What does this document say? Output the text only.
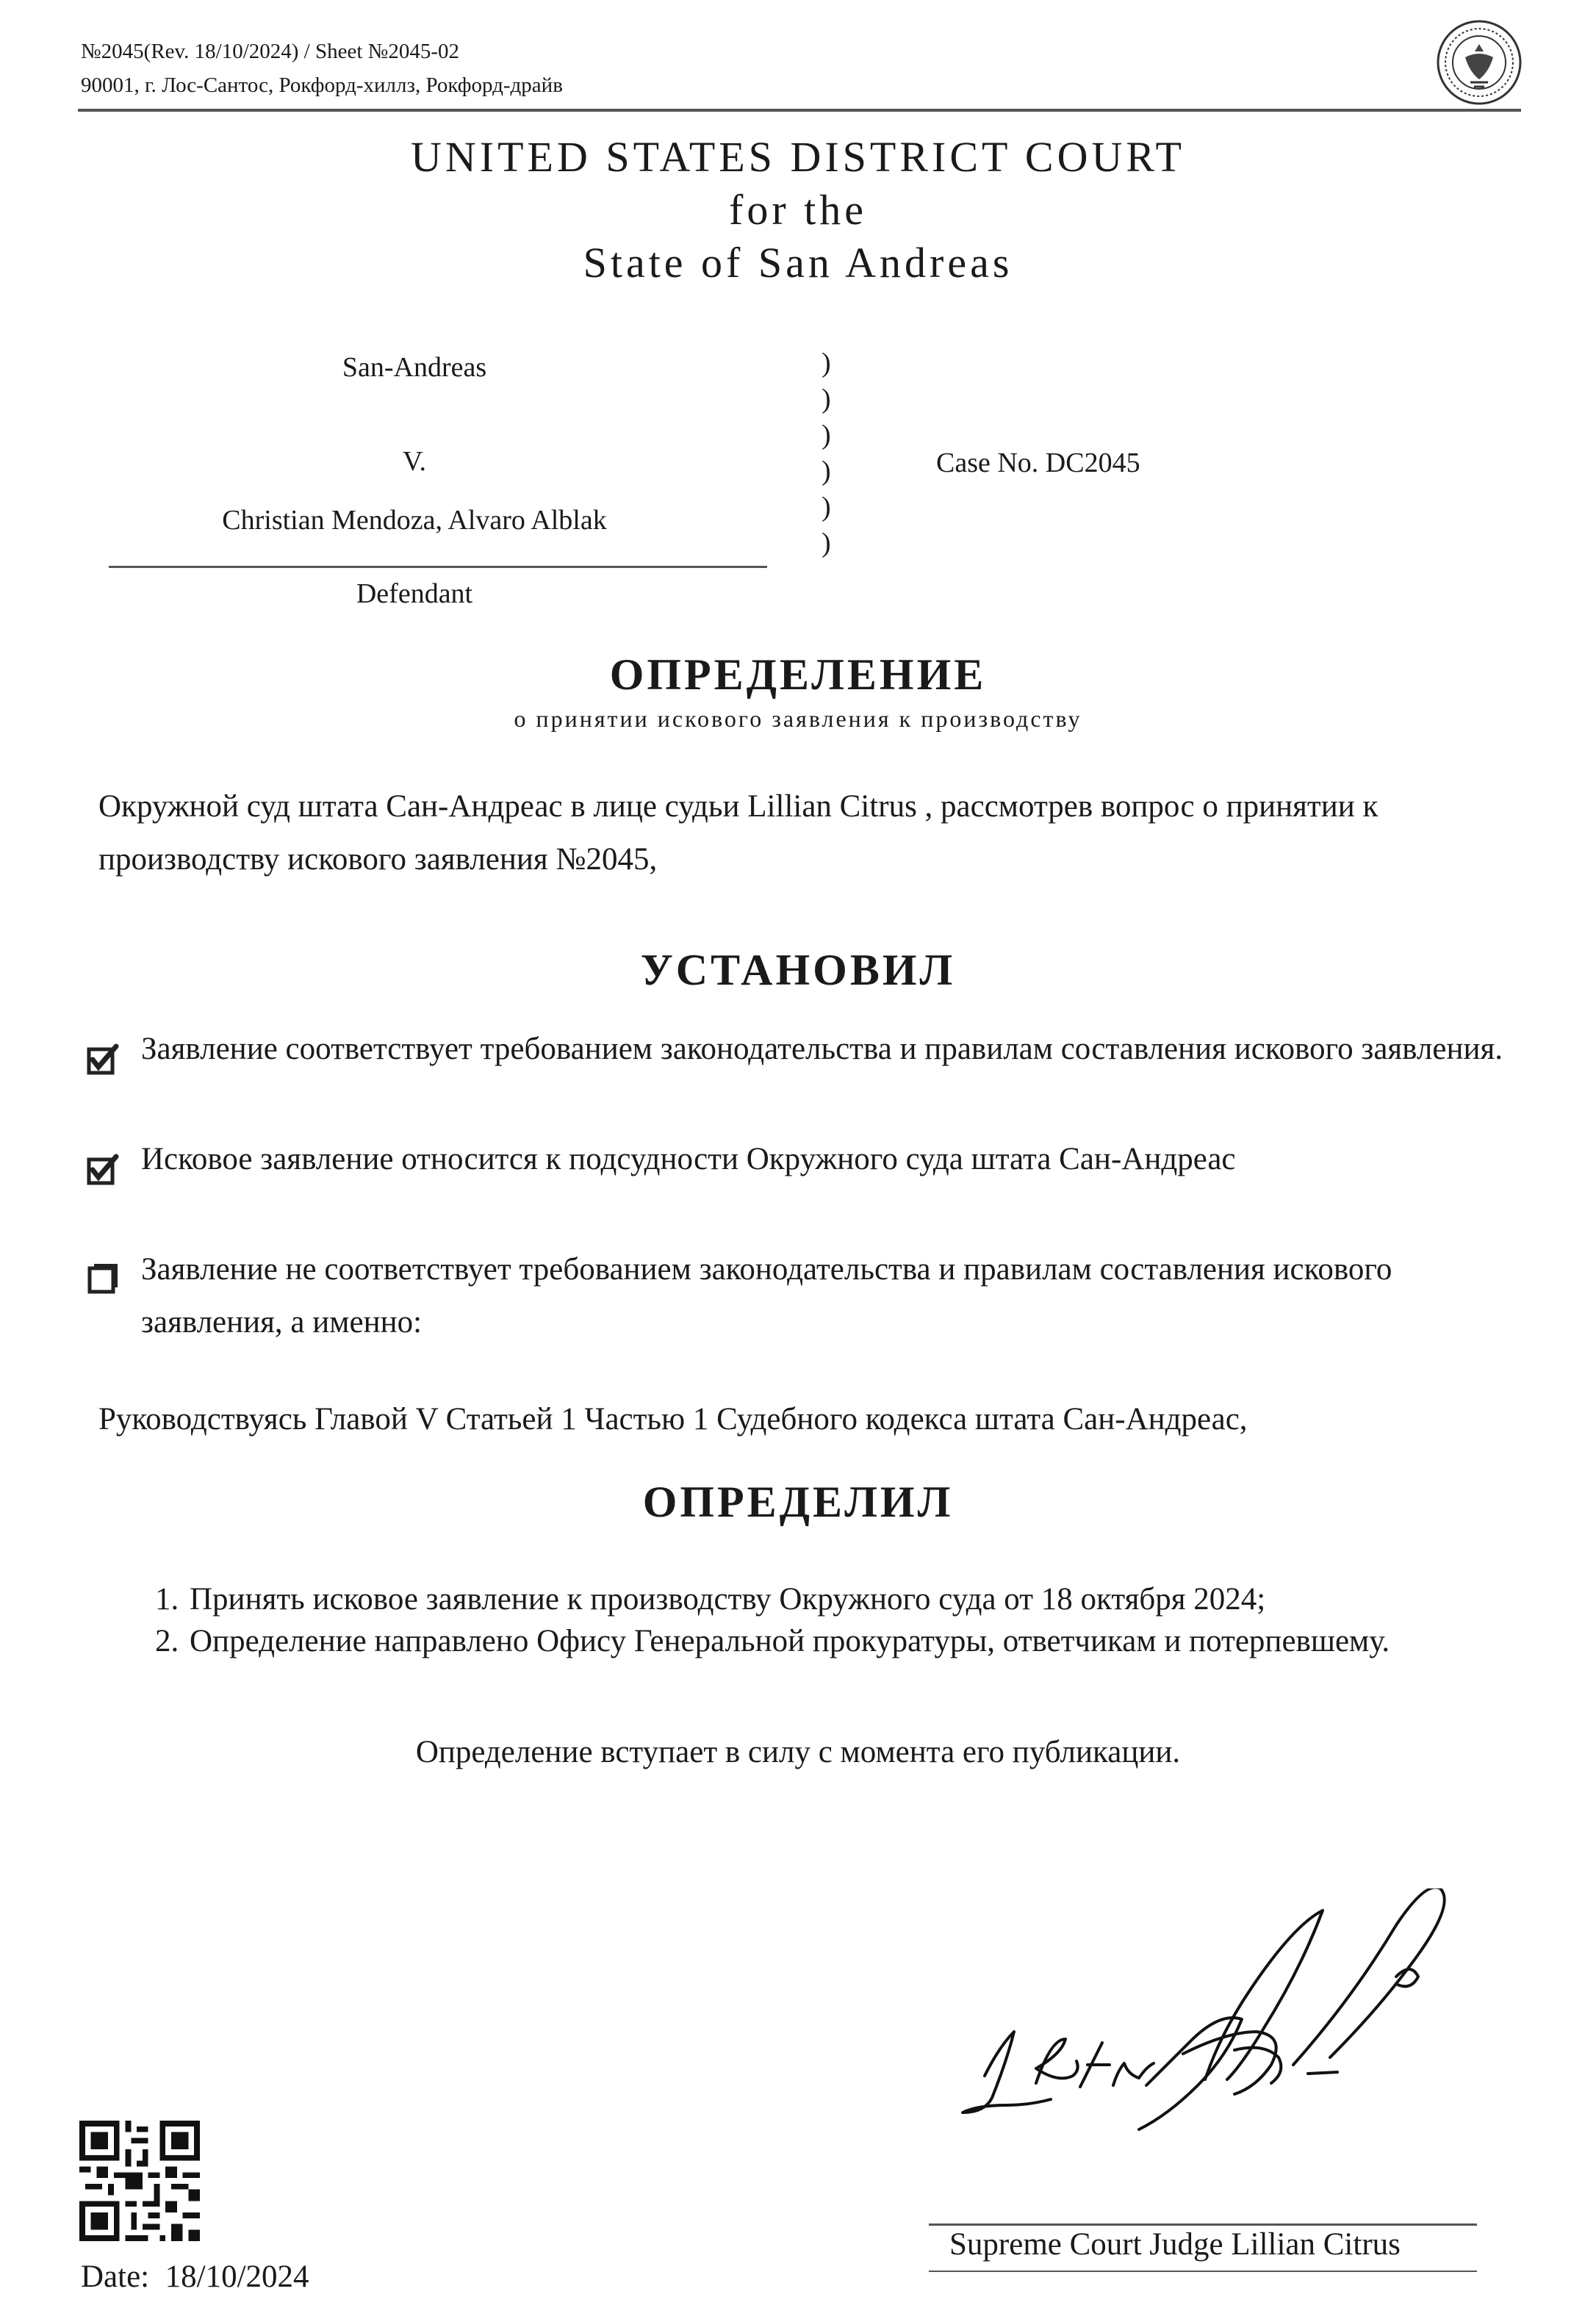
№2045(Rev. 18/10/2024) / Sheet №2045-02
90001, г. Лос-Сантос, Рокфорд-хиллз, Рокфорд-драйв
UNITED STATES DISTRICT COURT
for the
State of San Andreas
San-Andreas
V.
Christian Mendoza, Alvaro Alblak
Defendant
)
)
)
)
)
)
Case No. DC2045
ОПРЕДЕЛЕНИЕ
о принятии искового заявления к производству
Окружной суд штата Сан-Андреас в лице судьи Lillian Citrus , рассмотрев вопрос о принятии к производству искового заявления №2045,
УСТАНОВИЛ
Заявление соответствует требованием законодательства и правилам составления искового заявления.
Исковое заявление относится к подсудности Окружного суда штата Сан-Андреас
Заявление не соответствует требованием законодательства и правилам составления искового заявления, а именно:
Руководствуясь Главой V Статьей 1 Частью 1 Судебного кодекса штата Сан-Андреас,
ОПРЕДЕЛИЛ
1. Принять исковое заявление к производству Окружного суда от 18 октября 2024;
2. Определение направлено Офису Генеральной прокуратуры, ответчикам и потерпевшему.
Определение вступает в силу с момента его публикации.
Supreme Court Judge Lillian Citrus
Date: 18/10/2024
